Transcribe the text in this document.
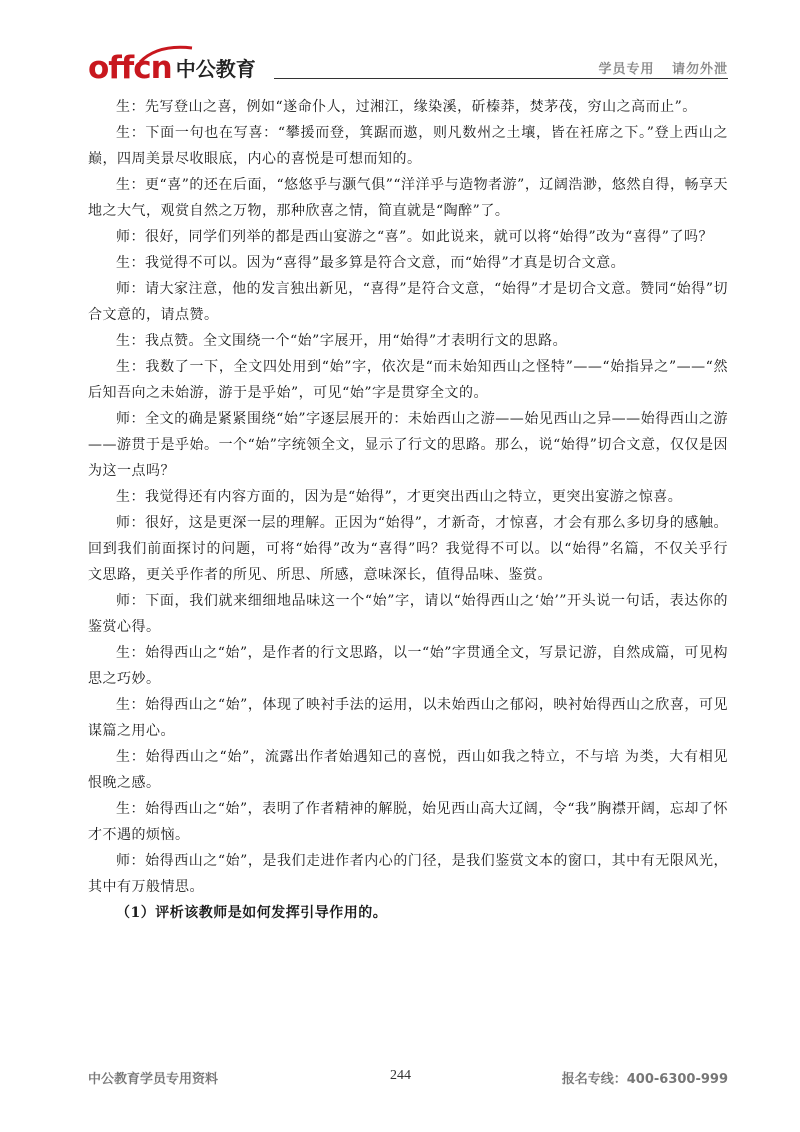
offcn 中公教育	学员专用 请勿外泄

生：先写登山之喜，例如“遂命仆人，过湘江，缘染溪，斫榛莽，焚茅茷，穷山之高而止”。

生：下面一句也在写喜：“攀援而登，箕踞而遨，则凡数州之土壤，皆在衽席之下。”登上西山之巅，四周美景尽收眼底，内心的喜悦是可想而知的。

生：更“喜”的还在后面，“悠悠乎与灏气俱”“洋洋乎与造物者游”，辽阔浩渺，悠然自得，畅享天地之大气，观赏自然之万物，那种欣喜之情，简直就是“陶醉”了。

师：很好，同学们列举的都是西山宴游之“喜”。如此说来，就可以将“始得”改为“喜得”了吗？

生：我觉得不可以。因为“喜得”最多算是符合文意，而“始得”才真是切合文意。

师：请大家注意，他的发言独出新见，“喜得”是符合文意，“始得”才是切合文意。赞同“始得”切合文意的，请点赞。

生：我点赞。全文围绕一个“始”字展开，用“始得”才表明行文的思路。

生：我数了一下，全文四处用到“始”字，依次是“而未始知西山之怪特”——“始指异之”——“然后知吾向之未始游，游于是乎始”，可见“始”字是贯穿全文的。

师：全文的确是紧紧围绕“始”字逐层展开的：未始西山之游——始见西山之异——始得西山之游——游贯于是乎始。一个“始”字统领全文，显示了行文的思路。那么，说“始得”切合文意，仅仅是因为这一点吗？

生：我觉得还有内容方面的，因为是“始得”，才更突出西山之特立，更突出宴游之惊喜。

师：很好，这是更深一层的理解。正因为“始得”，才新奇，才惊喜，才会有那么多切身的感触。回到我们前面探讨的问题，可将“始得”改为“喜得”吗？我觉得不可以。以“始得”名篇，不仅关乎行文思路，更关乎作者的所见、所思、所感，意味深长，值得品味、鉴赏。

师：下面，我们就来细细地品味这一个“始”字，请以“始得西山之‘始’”开头说一句话，表达你的鉴赏心得。

生：始得西山之“始”，是作者的行文思路，以一“始”字贯通全文，写景记游，自然成篇，可见构思之巧妙。

生：始得西山之“始”，体现了映衬手法的运用，以未始西山之郁闷，映衬始得西山之欣喜，可见谋篇之用心。

生：始得西山之“始”，流露出作者始遇知己的喜悦，西山如我之特立，不与培 为类，大有相见恨晚之感。

生：始得西山之“始”，表明了作者精神的解脱，始见西山高大辽阔，令“我”胸襟开阔，忘却了怀才不遇的烦恼。

师：始得西山之“始”，是我们走进作者内心的门径，是我们鉴赏文本的窗口，其中有无限风光，其中有万般情思。

（1）评析该教师是如何发挥引导作用的。

中公教育学员专用资料	244	报名专线：400-6300-999
